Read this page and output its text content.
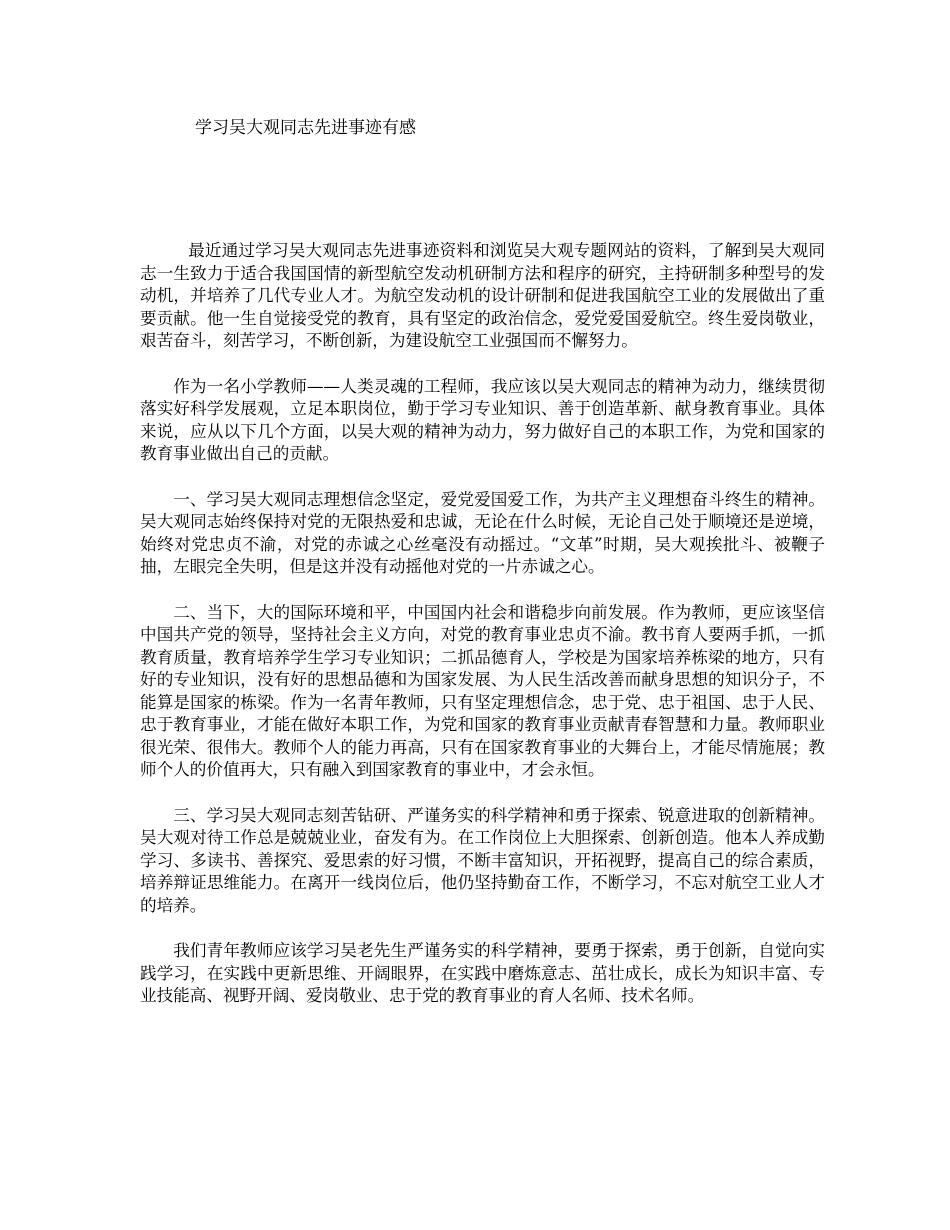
学习吴大观同志先进事迹有感

最近通过学习吴大观同志先进事迹资料和浏览吴大观专题网站的资料，了解到吴大观同志一生致力于适合我国国情的新型航空发动机研制方法和程序的研究，主持研制多种型号的发动机，并培养了几代专业人才。为航空发动机的设计研制和促进我国航空工业的发展做出了重要贡献。他一生自觉接受党的教育，具有坚定的政治信念，爱党爱国爱航空。终生爱岗敬业，艰苦奋斗，刻苦学习，不断创新，为建设航空工业强国而不懈努力。

作为一名小学教师——人类灵魂的工程师，我应该以吴大观同志的精神为动力，继续贯彻落实好科学发展观，立足本职岗位，勤于学习专业知识、善于创造革新、献身教育事业。具体来说，应从以下几个方面，以吴大观的精神为动力，努力做好自己的本职工作，为党和国家的教育事业做出自己的贡献。

一、学习吴大观同志理想信念坚定，爱党爱国爱工作，为共产主义理想奋斗终生的精神。吴大观同志始终保持对党的无限热爱和忠诚，无论在什么时候，无论自己处于顺境还是逆境，始终对党忠贞不渝，对党的赤诚之心丝毫没有动摇过。“文革”时期，吴大观挨批斗、被鞭子抽，左眼完全失明，但是这并没有动摇他对党的一片赤诚之心。

二、当下，大的国际环境和平，中国国内社会和谐稳步向前发展。作为教师，更应该坚信中国共产党的领导，坚持社会主义方向，对党的教育事业忠贞不渝。教书育人要两手抓，一抓教育质量，教育培养学生学习专业知识；二抓品德育人，学校是为国家培养栋梁的地方，只有好的专业知识，没有好的思想品德和为国家发展、为人民生活改善而献身思想的知识分子，不能算是国家的栋梁。作为一名青年教师，只有坚定理想信念，忠于党、忠于祖国、忠于人民、忠于教育事业，才能在做好本职工作，为党和国家的教育事业贡献青春智慧和力量。教师职业很光荣、很伟大。教师个人的能力再高，只有在国家教育事业的大舞台上，才能尽情施展；教师个人的价值再大，只有融入到国家教育的事业中，才会永恒。

三、学习吴大观同志刻苦钻研、严谨务实的科学精神和勇于探索、锐意进取的创新精神。吴大观对待工作总是兢兢业业，奋发有为。在工作岗位上大胆探索、创新创造。他本人养成勤学习、多读书、善探究、爱思索的好习惯，不断丰富知识，开拓视野，提高自己的综合素质，培养辩证思维能力。在离开一线岗位后，他仍坚持勤奋工作，不断学习，不忘对航空工业人才的培养。

我们青年教师应该学习吴老先生严谨务实的科学精神，要勇于探索，勇于创新，自觉向实践学习，在实践中更新思维、开阔眼界，在实践中磨炼意志、茁壮成长，成长为知识丰富、专业技能高、视野开阔、爱岗敬业、忠于党的教育事业的育人名师、技术名师。
